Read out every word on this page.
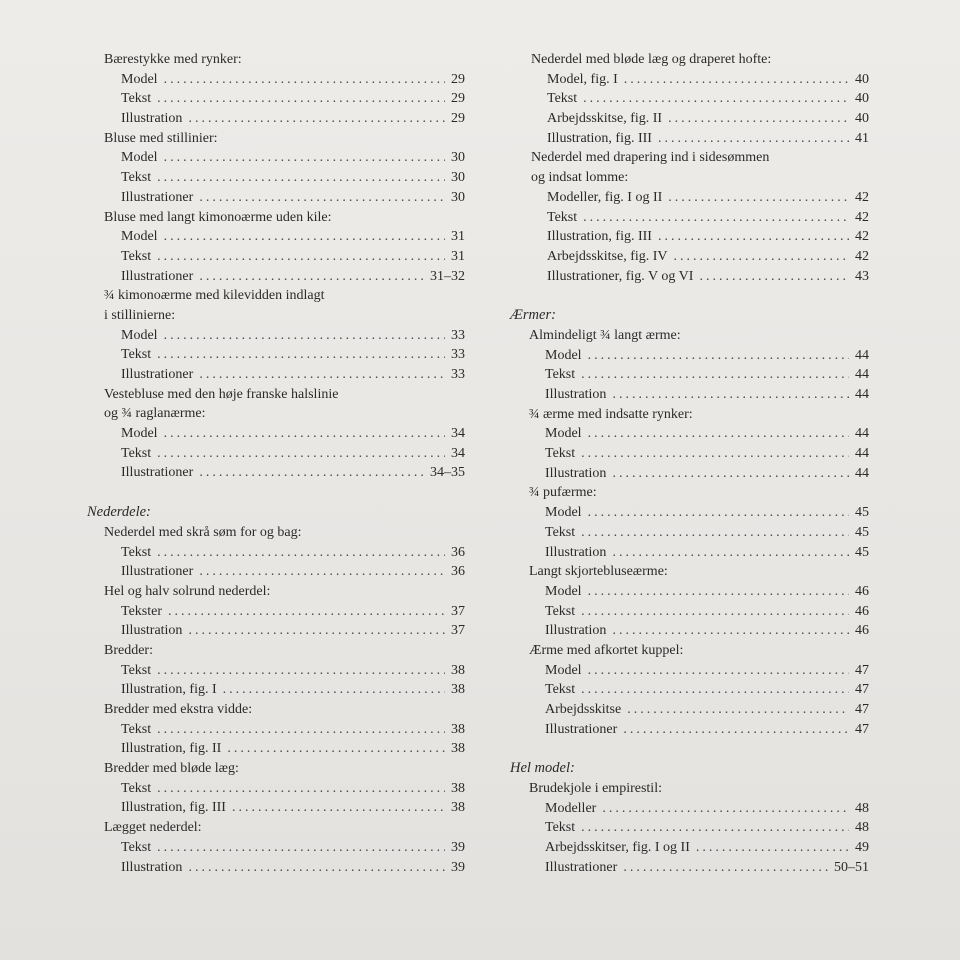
Bærestykke med rynker:
Model .....	29
Tekst .....	29
Illustration .....	29
Bluse med stillinier:
Model .....	30
Tekst .....	30
Illustrationer .....	30
Bluse med langt kimonoærme uden kile:
Model .....	31
Tekst .....	31
Illustrationer .....	31–32
¾ kimonoærme med kilevidden indlagt
i stillinierne:
Model .....	33
Tekst .....	33
Illustrationer .....	33
Vestebluse med den høje franske halslinie
og ¾ raglanærme:
Model .....	34
Tekst .....	34
Illustrationer .....	34–35
Nederdele:
Nederdel med skrå søm for og bag:
Tekst .....	36
Illustrationer .....	36
Hel og halv solrund nederdel:
Tekster .....	37
Illustration .....	37
Bredder:
Tekst .....	38
Illustration, fig. I .....	38
Bredder med ekstra vidde:
Tekst .....	38
Illustration, fig. II .....	38
Bredder med bløde læg:
Tekst .....	38
Illustration, fig. III .....	38
Lægget nederdel:
Tekst .....	39
Illustration .....	39
Nederdel med bløde læg og draperet hofte:
Model, fig. I .....	40
Tekst .....	40
Arbejdsskitse, fig. II .....	40
Illustration, fig. III .....	41
Nederdel med drapering ind i sidesømmen
og indsat lomme:
Modeller, fig. I og II .....	42
Tekst .....	42
Illustration, fig. III .....	42
Arbejdsskitse, fig. IV .....	42
Illustrationer, fig. V og VI .....	43
Ærmer:
Almindeligt ¾ langt ærme:
Model .....	44
Tekst .....	44
Illustration .....	44
¾ ærme med indsatte rynker:
Model .....	44
Tekst .....	44
Illustration .....	44
¾ pufærme:
Model .....	45
Tekst .....	45
Illustration .....	45
Langt skjorteblusеærme:
Model .....	46
Tekst .....	46
Illustration .....	46
Ærme med afkortet kuppel:
Model .....	47
Tekst .....	47
Arbejdsskitse .....	47
Illustrationer .....	47
Hel model:
Brudekjole i empirestil:
Modeller .....	48
Tekst .....	48
Arbejdsskitser, fig. I og II .....	49
Illustrationer .....	50–51
